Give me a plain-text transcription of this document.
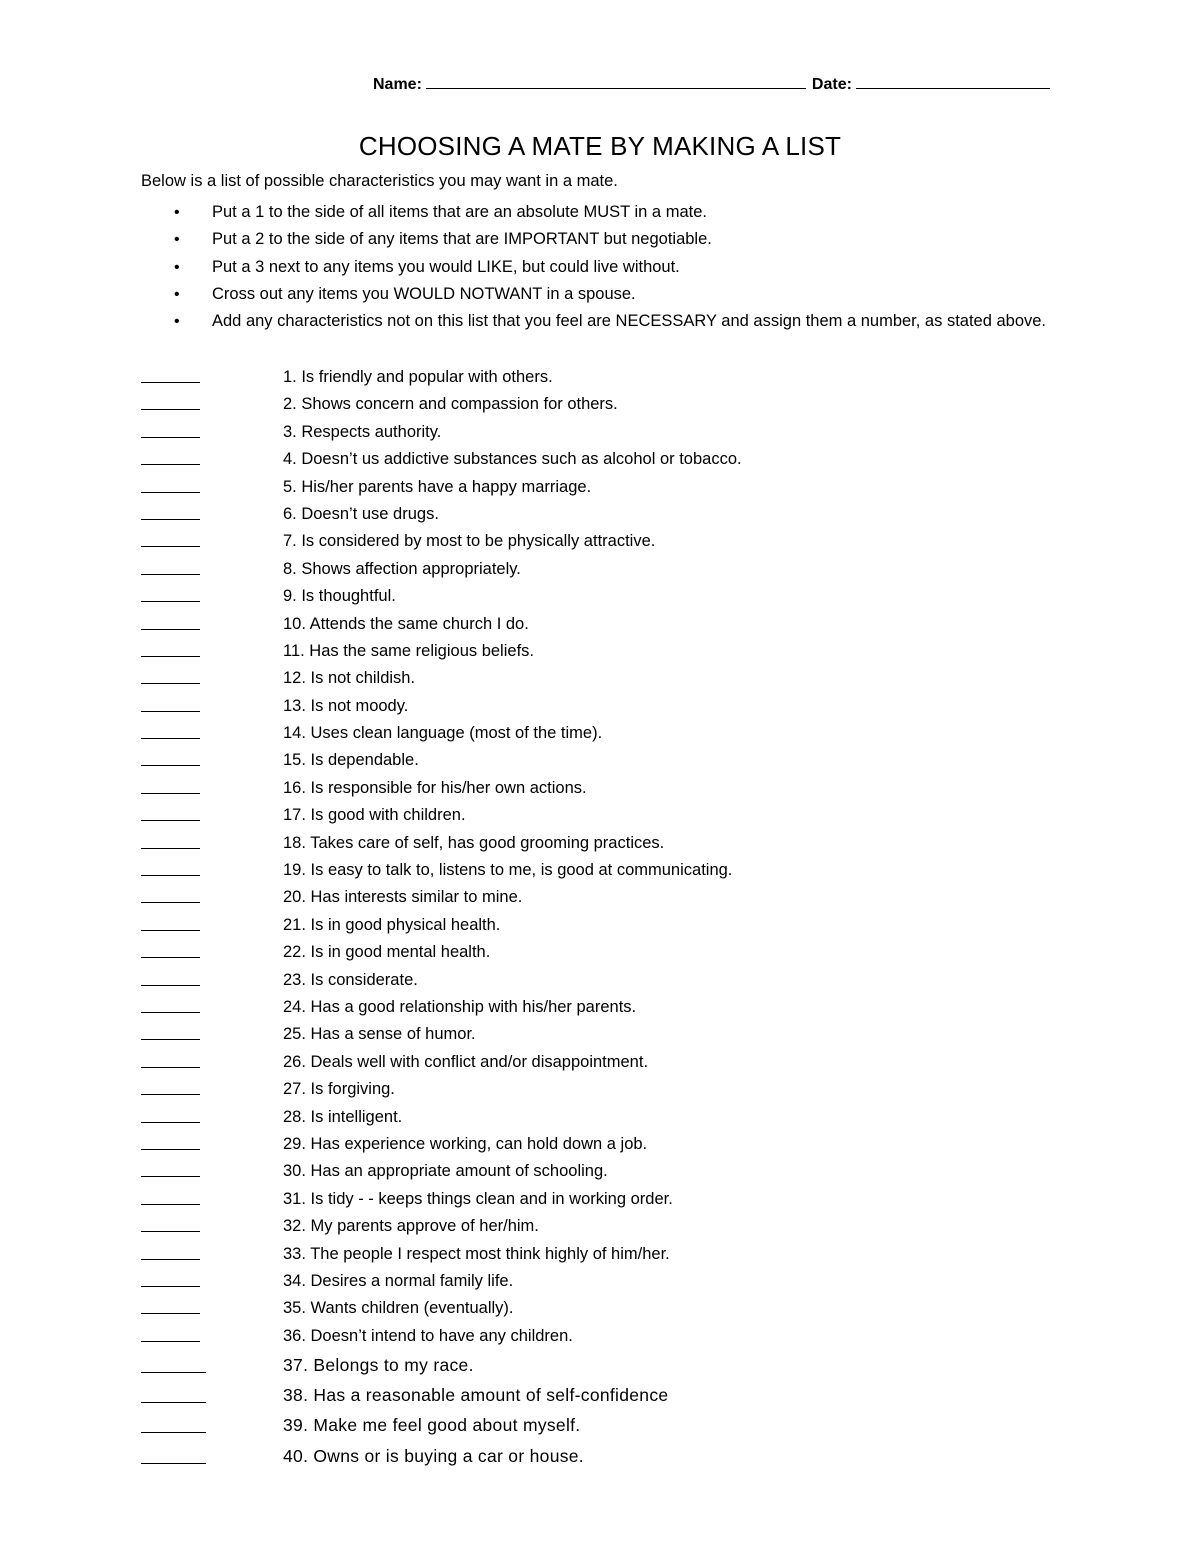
Name:	Date:
CHOOSING A MATE BY MAKING A LIST
Below is a list of possible characteristics you may want in a mate.
• Put a 1 to the side of all items that are an absolute MUST in a mate.
• Put a 2 to the side of any items that are IMPORTANT but negotiable.
• Put a 3 next to any items you would LIKE, but could live without.
• Cross out any items you WOULD NOTWANT in a spouse.
• Add any characteristics not on this list that you feel are NECESSARY and assign them a number, as stated above.
1. Is friendly and popular with others.
2. Shows concern and compassion for others.
3. Respects authority.
4. Doesn’t us addictive substances such as alcohol or tobacco.
5. His/her parents have a happy marriage.
6. Doesn’t use drugs.
7. Is considered by most to be physically attractive.
8. Shows affection appropriately.
9. Is thoughtful.
10. Attends the same church I do.
11. Has the same religious beliefs.
12. Is not childish.
13. Is not moody.
14. Uses clean language (most of the time).
15. Is dependable.
16. Is responsible for his/her own actions.
17. Is good with children.
18. Takes care of self, has good grooming practices.
19. Is easy to talk to, listens to me, is good at communicating.
20. Has interests similar to mine.
21. Is in good physical health.
22. Is in good mental health.
23. Is considerate.
24. Has a good relationship with his/her parents.
25. Has a sense of humor.
26. Deals well with conflict and/or disappointment.
27. Is forgiving.
28. Is intelligent.
29. Has experience working, can hold down a job.
30. Has an appropriate amount of schooling.
31. Is tidy - - keeps things clean and in working order.
32. My parents approve of her/him.
33. The people I respect most think highly of him/her.
34. Desires a normal family life.
35. Wants children (eventually).
36. Doesn’t intend to have any children.
37. Belongs to my race.
38. Has a reasonable amount of self-confidence
39. Make me feel good about myself.
40. Owns or is buying a car or house.
